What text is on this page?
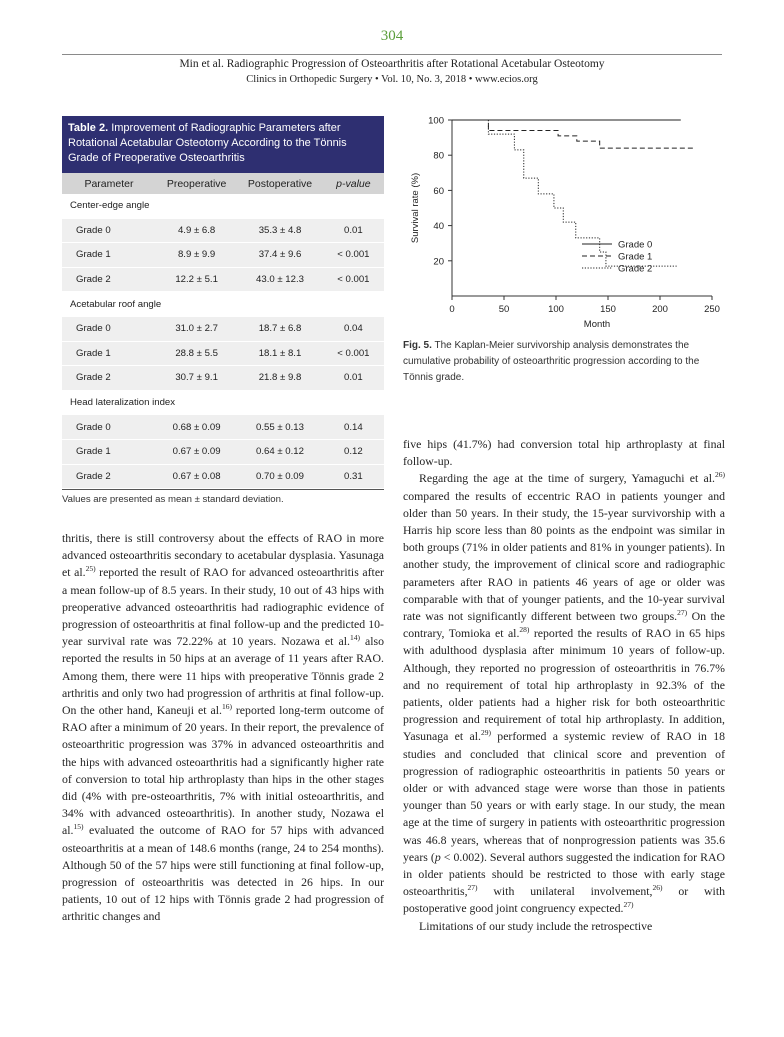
304
Min et al. Radiographic Progression of Osteoarthritis after Rotational Acetabular Osteotomy
Clinics in Orthopedic Surgery • Vol. 10, No. 3, 2018 • www.ecios.org
Table 2. Improvement of Radiographic Parameters after Rotational Acetabular Osteotomy According to the Tönnis Grade of Preoperative Osteoarthritis
Parameter	Preoperative	Postoperative	p-value
Center-edge angle			
Grade 0	4.9 ± 6.8	35.3 ± 4.8	0.01
Grade 1	8.9 ± 9.9	37.4 ± 9.6	< 0.001
Grade 2	12.2 ± 5.1	43.0 ± 12.3	< 0.001
Acetabular roof angle			
Grade 0	31.0 ± 2.7	18.7 ± 6.8	0.04
Grade 1	28.8 ± 5.5	18.1 ± 8.1	< 0.001
Grade 2	30.7 ± 9.1	21.8 ± 9.8	0.01
Head lateralization index			
Grade 0	0.68 ± 0.09	0.55 ± 0.13	0.14
Grade 1	0.67 ± 0.09	0.64 ± 0.12	0.12
Grade 2	0.67 ± 0.08	0.70 ± 0.09	0.31
Values are presented as mean ± standard deviation.
20
40
60
80
100
0	50	100	150	200	250
Month
Survival rate (%)
Grade 0
Grade 1
Grade 2
Fig. 5. The Kaplan-Meier survivorship analysis demonstrates the cumulative probability of osteoarthritic progression according to the Tönnis grade.

thritis, there is still controversy about the effects of RAO in more advanced osteoarthritis secondary to acetabular dysplasia. Yasunaga et al.$^{25)}$ reported the result of RAO for advanced osteoarthritis after a mean follow-up of 8.5 years. In their study, 10 out of 43 hips with preoperative advanced osteoarthritis had radiographic evidence of progression of osteoarthritis at final follow-up and the predicted 10-year survival rate was 72.22% at 10 years. Nozawa et al.$^{14)}$ also reported the results in 50 hips at an average of 11 years after RAO. Among them, there were 11 hips with preoperative Tönnis grade 2 arthritis and only two had progression of arthritis at final follow-up. On the other hand, Kaneuji et al.$^{16)}$ reported long-term outcome of RAO after a minimum of 20 years. In their report, the prevalence of osteoarthritic progression was 37% in advanced osteoarthritis and the hips with advanced osteoarthritis had a significantly higher rate of conversion to total hip arthroplasty than hips in the other stages did (4% with pre-osteoarthritis, 7% with initial osteoarthritis, and 34% with advanced osteoarthritis). In another study, Nozawa el al.$^{15)}$ evaluated the outcome of RAO for 57 hips with advanced osteoarthritis at a mean of 148.6 months (range, 24 to 254 months). Although 50 of the 57 hips were still functioning at final follow-up, progression of osteoarthritis was detected in 26 hips. In our patients, 10 out of 12 hips with Tönnis grade 2 had progression of arthritic changes and

five hips (41.7%) had conversion total hip arthroplasty at final follow-up.

Regarding the age at the time of surgery, Yamaguchi et al.$^{26)}$ compared the results of eccentric RAO in patients younger and older than 50 years. In their study, the 15-year survivorship with a Harris hip score less than 80 points as the endpoint was similar in both groups (71% in older patients and 81% in younger patients). In another study, the improvement of clinical score and radiographic parameters after RAO in patients 46 years of age or older was comparable with that of younger patients, and the 10-year survival rate was not significantly different between two groups.$^{27)}$ On the contrary, Tomioka et al.$^{28)}$ reported the results of RAO in 65 hips with adulthood dysplasia after minimum 10 years of follow-up. Although, they reported no progression of osteoarthritis in 76.7% and no requirement of total hip arthroplasty in 92.3% of the patients, older patients had a higher risk for both osteoarthritic progression and requirement of total hip arthroplasty. In addition, Yasunaga et al.$^{29)}$ performed a systemic review of RAO in 18 studies and concluded that clinical score and prevention of progression of radiographic osteoarthritis in patients 50 years or older or with advanced stage were worse than those in patients younger than 50 years or with early stage. In our study, the mean age at the time of surgery in patients with osteoarthritic progression was 46.8 years, whereas that of nonprogression patients was 35.6 years (p < 0.002). Several authors suggested the indication for RAO in older patients should be restricted to those with early stage osteoarthritis,$^{27)}$ with unilateral involvement,$^{26)}$ or with postoperative good joint congruency expected.$^{27)}$

Limitations of our study include the retrospective
